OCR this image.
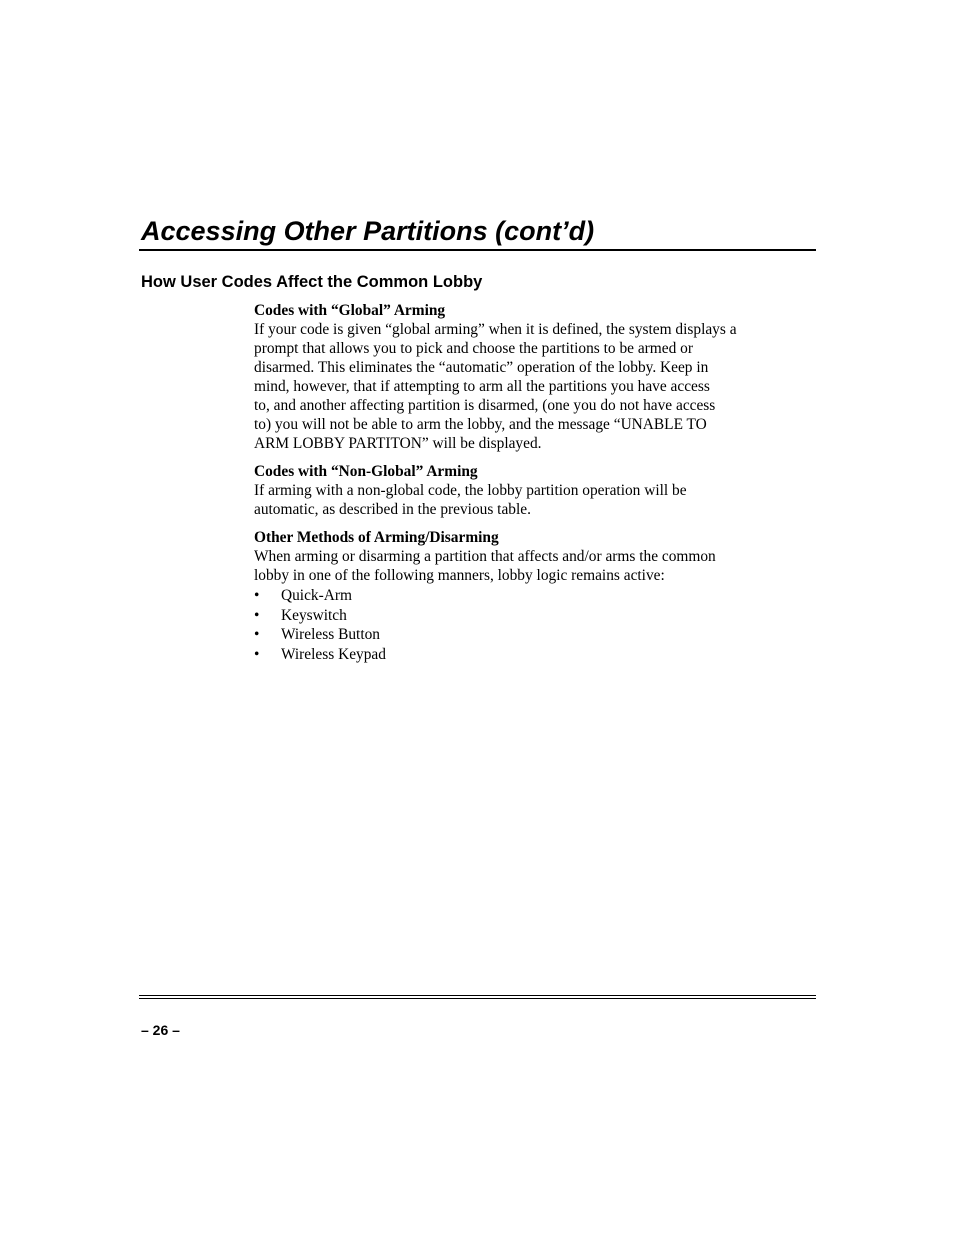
Accessing Other Partitions (cont’d)
How User Codes Affect the Common Lobby
Codes with “Global” Arming
If your code is given “global arming” when it is defined, the system displays a
prompt that allows you to pick and choose the partitions to be armed or
disarmed. This eliminates the “automatic” operation of the lobby. Keep in
mind, however, that if attempting to arm all the partitions you have access
to, and another affecting partition is disarmed, (one you do not have access
to) you will not be able to arm the lobby, and the message “UNABLE TO
ARM LOBBY PARTITON” will be displayed.
Codes with “Non-Global” Arming
If arming with a non-global code, the lobby partition operation will be
automatic, as described in the previous table.
Other Methods of Arming/Disarming
When arming or disarming a partition that affects and/or arms the common
lobby in one of the following manners, lobby logic remains active:
• Quick-Arm
• Keyswitch
• Wireless Button
• Wireless Keypad
– 26 –
